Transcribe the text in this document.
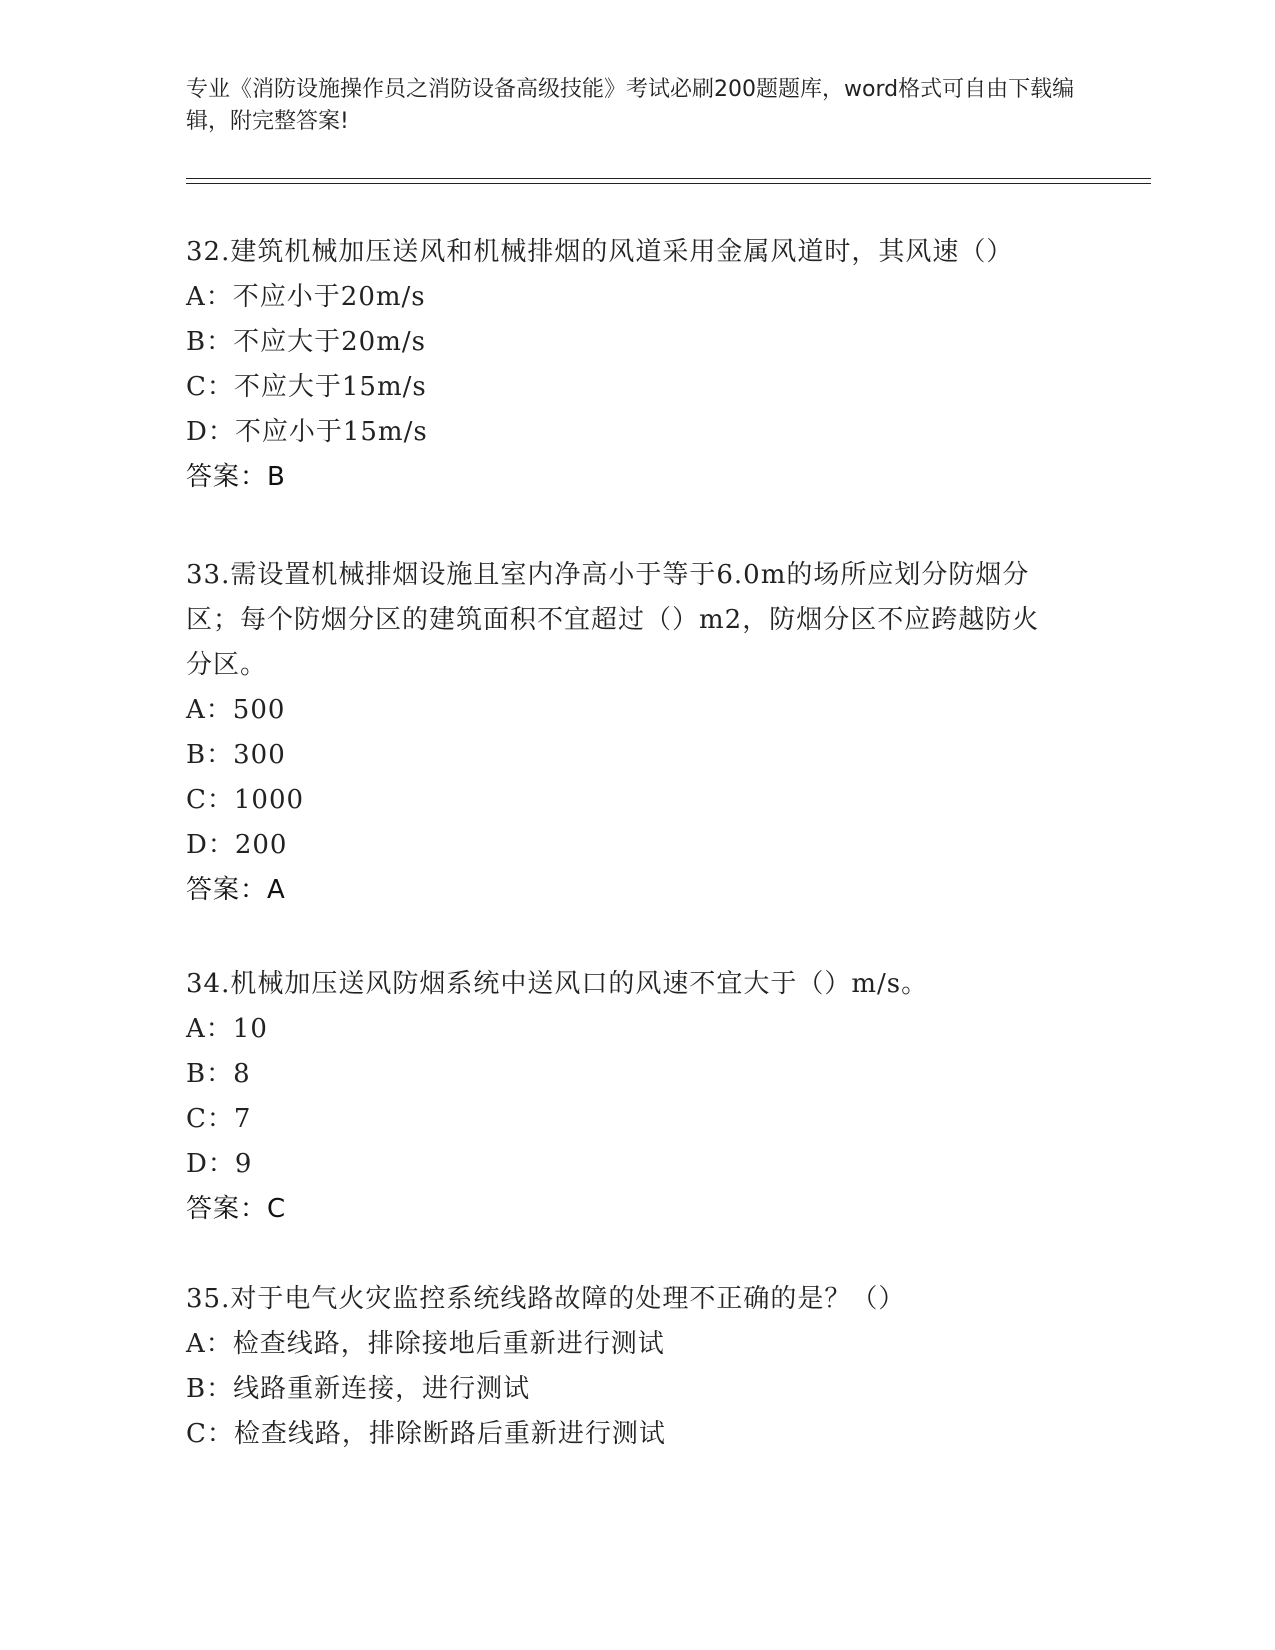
专业《消防设施操作员之消防设备高级技能》考试必刷200题题库，word格式可自由下载编辑，附完整答案!

32.建筑机械加压送风和机械排烟的风道采用金属风道时，其风速（）

A：不应小于20m/s

B：不应大于20m/s

C：不应大于15m/s

D：不应小于15m/s

答案：B

33.需设置机械排烟设施且室内净高小于等于6.0m的场所应划分防烟分区；每个防烟分区的建筑面积不宜超过（）m2，防烟分区不应跨越防火分区。

A：500

B：300

C：1000

D：200

答案：A

34.机械加压送风防烟系统中送风口的风速不宜大于（）m/s。

A：10

B：8

C：7

D：9

答案：C

35.对于电气火灾监控系统线路故障的处理不正确的是？（）

A：检查线路，排除接地后重新进行测试

B：线路重新连接，进行测试

C：检查线路，排除断路后重新进行测试
